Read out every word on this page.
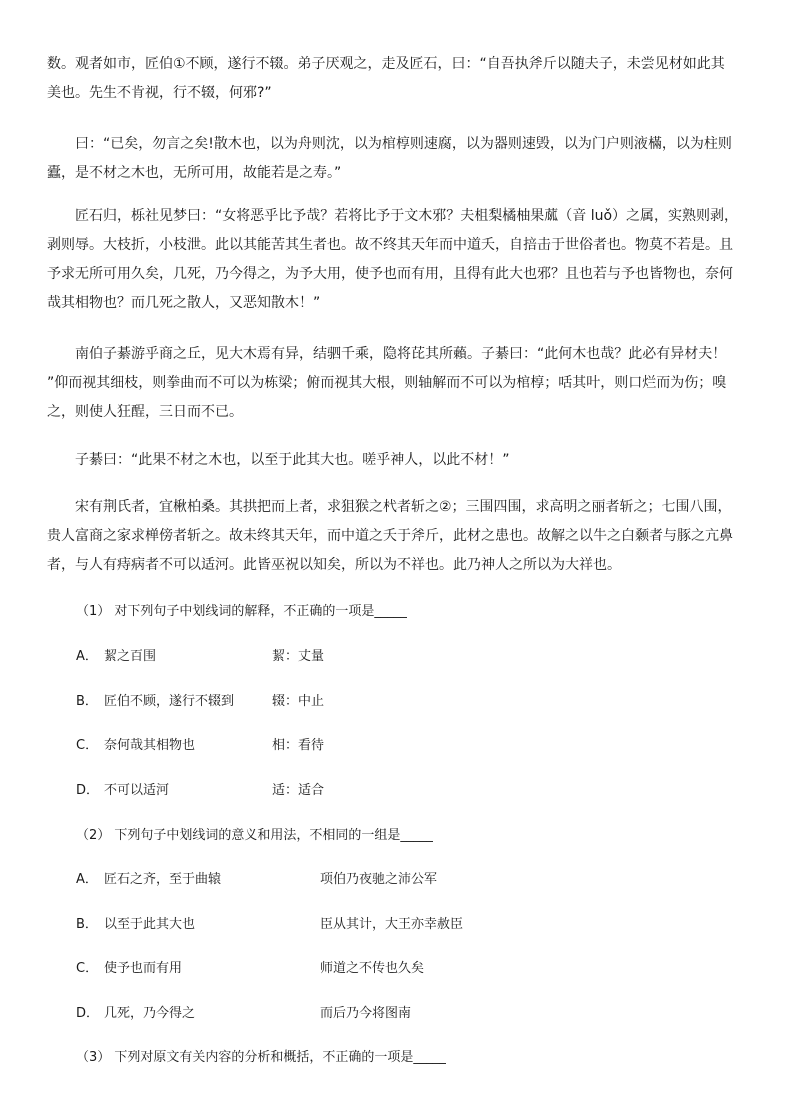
数。观者如市，匠伯①不顾，遂行不辍。弟子厌观之，走及匠石，曰：“自吾执斧斤以随夫子，未尝见材如此其
美也。先生不肯视，行不辍，何邪?”

　　曰：“已矣，勿言之矣!散木也，以为舟则沈，以为棺椁则速腐，以为器则速毁，以为门户则液樠，以为柱则
蠹，是不材之木也，无所可用，故能若是之寿。”

　　匠石归，栎社见梦曰：“女将恶乎比予哉？若将比予于文木邪？夫柤梨橘柚果蓏（音 luǒ）之属，实熟则剥，
剥则辱。大枝折，小枝泄。此以其能苦其生者也。故不终其天年而中道夭，自掊击于世俗者也。物莫不若是。且
予求无所可用久矣，几死，乃今得之，为予大用，使予也而有用，且得有此大也邪？且也若与予也皆物也，奈何
哉其相物也？而几死之散人，又恶知散木！”

　　南伯子綦游乎商之丘，见大木焉有异，结驷千乘，隐将芘其所藾。子綦曰：“此何木也哉？此必有异材夫！
”仰而视其细枝，则拳曲而不可以为栋梁；俯而视其大根，则轴解而不可以为棺椁；咶其叶，则口烂而为伤；嗅
之，则使人狂酲，三日而不已。

　　子綦曰：“此果不材之木也，以至于此其大也。嗟乎神人，以此不材！”

　　宋有荆氏者，宜楸柏桑。其拱把而上者，求狙猴之杙者斩之②；三围四围，求高明之丽者斩之；七围八围，
贵人富商之家求椫傍者斩之。故未终其天年，而中道之夭于斧斤，此材之患也。故解之以牛之白颡者与豚之亢鼻
者，与人有痔病者不可以适河。此皆巫祝以知矣，所以为不祥也。此乃神人之所以为大祥也。

（1） 对下列句子中划线词的解释，不正确的一项是_____

A． 絜之百围	絜：丈量
B． 匠伯不顾，遂行不辍到	辍：中止
C． 奈何哉其相物也	相：看待
D． 不可以适河	适：适合

（2） 下列句子中划线词的意义和用法，不相同的一组是_____

A． 匠石之齐，至于曲辕	项伯乃夜驰之沛公军
B． 以至于此其大也	臣从其计，大王亦幸赦臣
C． 使予也而有用	师道之不传也久矣
D． 几死，乃今得之	而后乃今将图南

（3） 下列对原文有关内容的分析和概括，不正确的一项是_____
